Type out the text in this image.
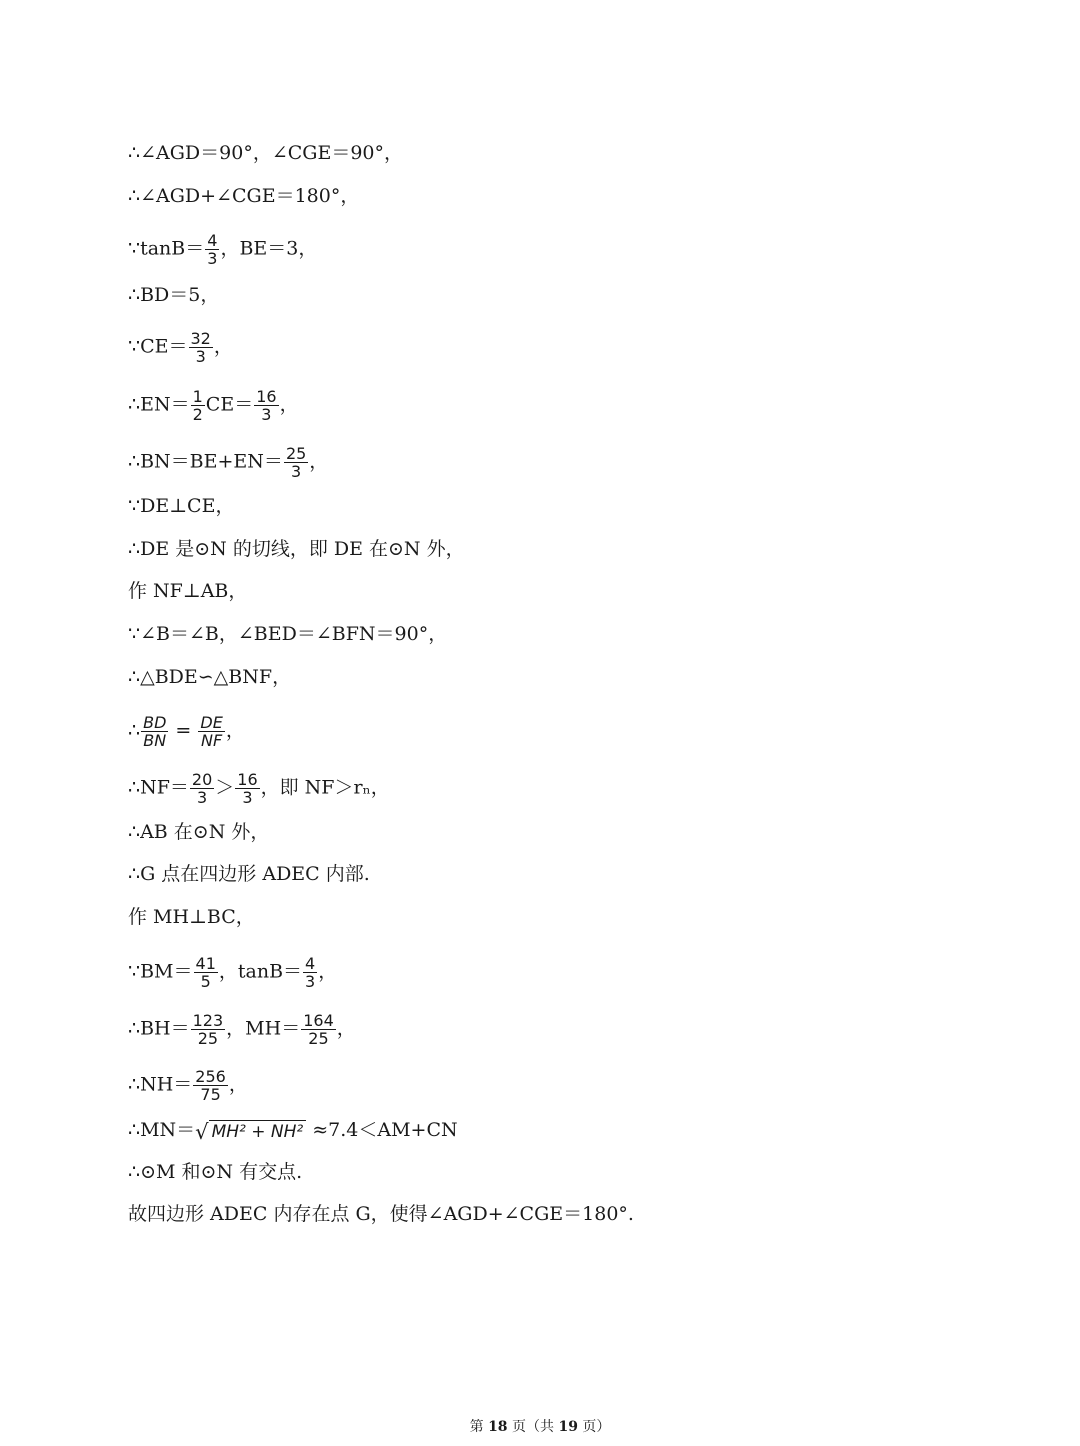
∴∠AGD＝90°，∠CGE＝90°，
∴∠AGD+∠CGE＝180°，
∵tanB＝ $\frac{4}{3}$ ，BE＝3，
∴BD＝5，
∵CE＝ $\frac{32}{3}$ ，
∴EN＝ $\frac{1}{2} CE= \frac{16}{3}$ ，
∴BN＝BE+EN＝ $\frac{25}{3}$ ，
∵DE⊥CE，
∴DE 是⊙N 的切线，即 DE 在⊙N 外，
作 NF⊥AB，
∵∠B＝∠B，∠BED＝∠BFN＝90°，
∴△BDE∽△BNF，
∴ $\frac{BD}{BN} = \frac{DE}{NF}$ ，
∴NF＝ $\frac{20}{3} > \frac{16}{3}$ ，即 NF＞rₙ，
∴AB 在⊙N 外，
∴G 点在四边形 ADEC 内部.
作 MH⊥BC，
∵BM＝ $\frac{41}{5}$ ，$\tan B= \frac{4}{3}$ ，
∴BH＝ $\frac{123}{25}$ ，$MH= \frac{164}{25}$ ，
∴NH＝ $\frac{256}{75}$ ，
∴MN＝ √ MH² + NH² ≈7.4＜AM+CN
∴⊙M 和⊙N 有交点.
故四边形 ADEC 内存在点 G，使得∠AGD+∠CGE＝180°.
第 18 页（共 19 页）
